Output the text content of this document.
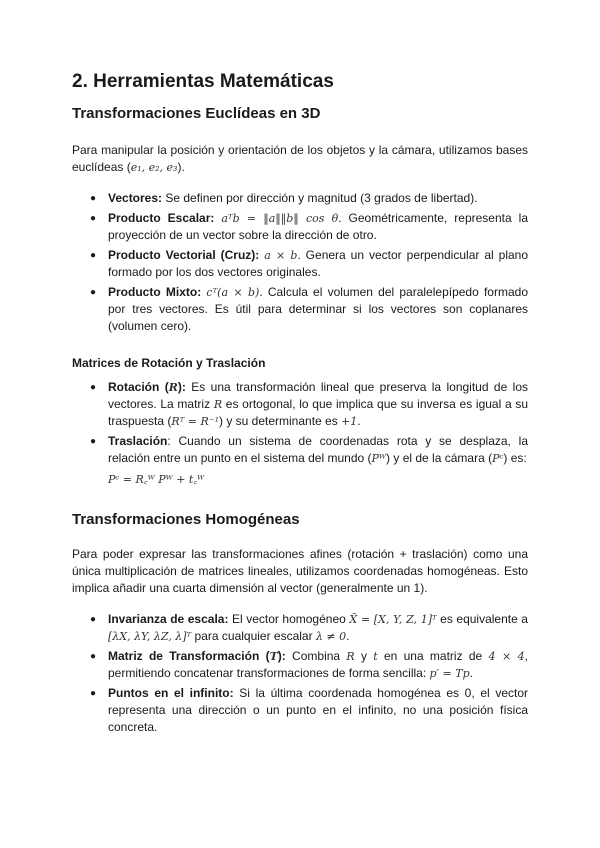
2. Herramientas Matemáticas
Transformaciones Euclídeas en 3D

Para manipular la posición y orientación de los objetos y la cámara, utilizamos bases euclídeas (e₁, e₂, e₃).

● Vectores: Se definen por dirección y magnitud (3 grados de libertad).
● Producto Escalar: aᵀb = ‖a‖‖b‖ cos θ. Geométricamente, representa la proyección de un vector sobre la dirección de otro.
● Producto Vectorial (Cruz): a × b. Genera un vector perpendicular al plano formado por los dos vectores originales.
● Producto Mixto: cᵀ(a × b). Calcula el volumen del paralelepípedo formado por tres vectores. Es útil para determinar si los vectores son coplanares (volumen cero).
Matrices de Rotación y Traslación
● Rotación (R): Es una transformación lineal que preserva la longitud de los vectores. La matriz R es ortogonal, lo que implica que su inversa es igual a su traspuesta (Rᵀ = R⁻¹) y su determinante es +1.
● Traslación: Cuando un sistema de coordenadas rota y se desplaza, la relación entre un punto en el sistema del mundo (Pᵂ) y el de la cámara (Pᶜ) es:
Pᶜ = R꜀ᵂ Pᵂ + t꜀ᵂ
Transformaciones Homogéneas

Para poder expresar las transformaciones afines (rotación + traslación) como una única multiplicación de matrices lineales, utilizamos coordenadas homogéneas. Esto implica añadir una cuarta dimensión al vector (generalmente un 1).

● Invarianza de escala: El vector homogéneo X̃ = [X, Y, Z, 1]ᵀ es equivalente a [λX, λY, λZ, λ]ᵀ para cualquier escalar λ ≠ 0.
● Matriz de Transformación (T): Combina R y t en una matriz de 4 × 4, permitiendo concatenar transformaciones de forma sencilla: p′ = Tp.
● Puntos en el infinito: Si la última coordenada homogénea es 0, el vector representa una dirección o un punto en el infinito, no una posición física concreta.
